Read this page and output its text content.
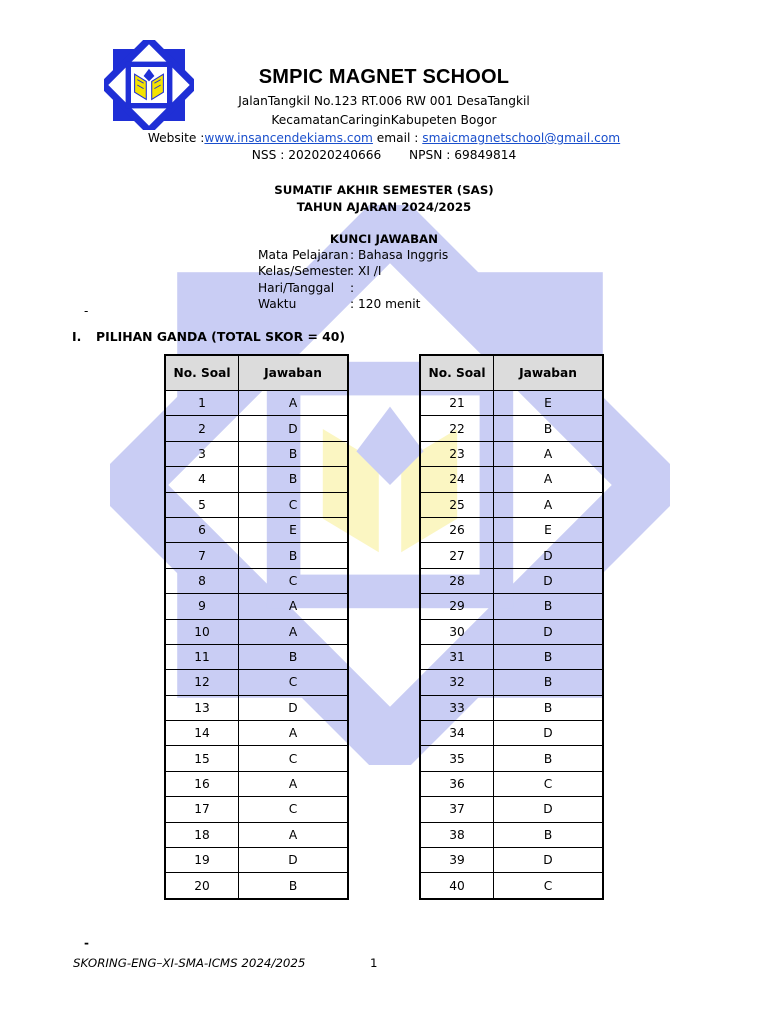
SMPIC MAGNET SCHOOL
JalanTangkil No.123 RT.006 RW 001 DesaTangkil
KecamatanCaringinKabupeten Bogor
Website :www.insancendekiams.com email : smaicmagnetschool@gmail.com
NSS : 202020240666 NPSN : 69849814
SUMATIF AKHIR SEMESTER (SAS)
TAHUN AJARAN 2024/2025
KUNCI JAWABAN
Mata Pelajaran : Bahasa Inggris
Kelas/Semester
: XI /I
Hari/Tanggal :
Waktu	: 120 menit
-
I. PILIHAN GANDA (TOTAL SKOR = 40)
No. Soal	Jawaban
1	A
2	D
3	B
4	B
5	C
6	E
7	B
8	C
9	A
10	A
11	B
12	C
13	D
14	A
15	C
16	A
17	C
18	A
19	D
20	B
No. Soal	Jawaban
21	E
22	B
23	A
24	A
25	A
26	E
27	D
28	D
29	B
30	D
31	B
32	B
33	B
34	D
35	B
36	C
37	D
38	B
39	D
40	C
-
SKORING-ENG–XI-SMA-ICMS 2024/2025	1
